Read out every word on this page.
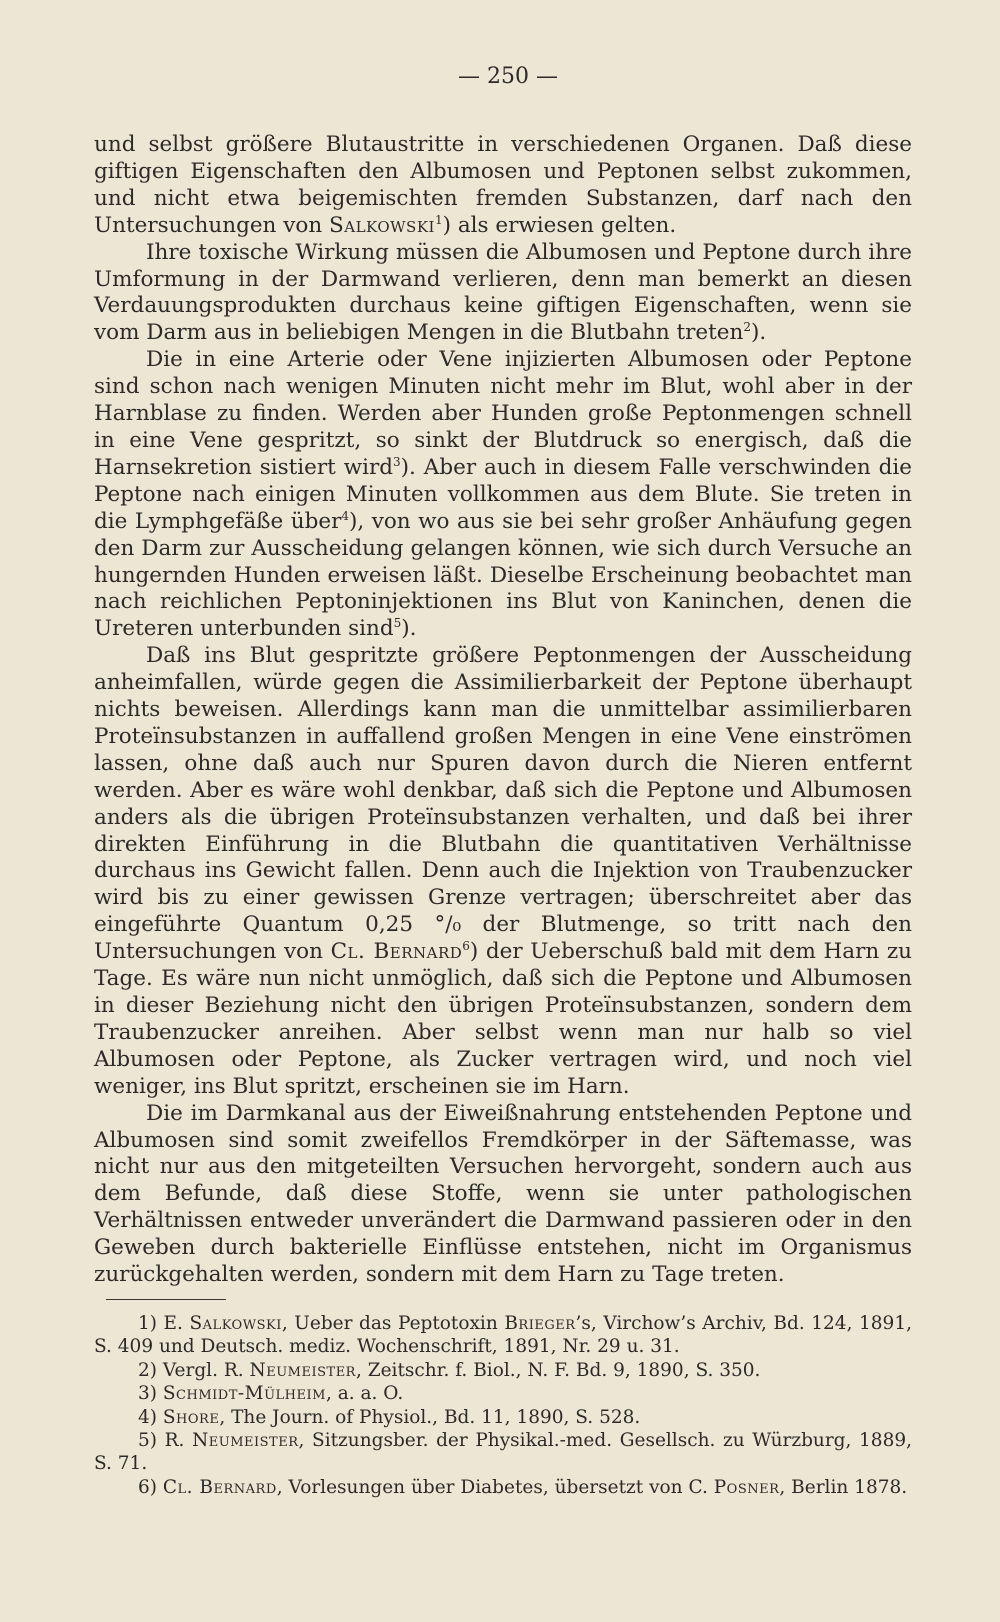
— 250 —

und selbst größere Blutaustritte in verschiedenen Organen. Daß diese giftigen Eigenschaften den Albumosen und Peptonen selbst zukommen, und nicht etwa beigemischten fremden Substanzen, darf nach den Untersuchungen von Salkowski$^1$) als erwiesen gelten.

Ihre toxische Wirkung müssen die Albumosen und Peptone durch ihre Umformung in der Darmwand verlieren, denn man bemerkt an diesen Verdauungsprodukten durchaus keine giftigen Eigenschaften, wenn sie vom Darm aus in beliebigen Mengen in die Blutbahn treten$^2$).

Die in eine Arterie oder Vene injizierten Albumosen oder Peptone sind schon nach wenigen Minuten nicht mehr im Blut, wohl aber in der Harnblase zu finden. Werden aber Hunden große Peptonmengen schnell in eine Vene gespritzt, so sinkt der Blutdruck so energisch, daß die Harnsekretion sistiert wird$^3$). Aber auch in diesem Falle verschwinden die Peptone nach einigen Minuten vollkommen aus dem Blute. Sie treten in die Lymphgefäße über$^4$), von wo aus sie bei sehr großer Anhäufung gegen den Darm zur Ausscheidung gelangen können, wie sich durch Versuche an hungernden Hunden erweisen läßt. Dieselbe Erscheinung beobachtet man nach reichlichen Peptoninjektionen ins Blut von Kaninchen, denen die Ureteren unterbunden sind$^5$).

Daß ins Blut gespritzte größere Peptonmengen der Ausscheidung anheimfallen, würde gegen die Assimilierbarkeit der Peptone überhaupt nichts beweisen. Allerdings kann man die unmittelbar assimilierbaren Proteïnsubstanzen in auffallend großen Mengen in eine Vene einströmen lassen, ohne daß auch nur Spuren davon durch die Nieren entfernt werden. Aber es wäre wohl denkbar, daß sich die Peptone und Albumosen anders als die übrigen Proteïnsubstanzen verhalten, und daß bei ihrer direkten Einführung in die Blutbahn die quantitativen Verhältnisse durchaus ins Gewicht fallen. Denn auch die Injektion von Traubenzucker wird bis zu einer gewissen Grenze vertragen; überschreitet aber das eingeführte Quantum 0,25 °/₀ der Blutmenge, so tritt nach den Untersuchungen von Cl. Bernard$^6$) der Ueberschuß bald mit dem Harn zu Tage. Es wäre nun nicht unmöglich, daß sich die Peptone und Albumosen in dieser Beziehung nicht den übrigen Proteïnsubstanzen, sondern dem Traubenzucker anreihen. Aber selbst wenn man nur halb so viel Albumosen oder Peptone, als Zucker vertragen wird, und noch viel weniger, ins Blut spritzt, erscheinen sie im Harn.

Die im Darmkanal aus der Eiweißnahrung entstehenden Peptone und Albumosen sind somit zweifellos Fremdkörper in der Säftemasse, was nicht nur aus den mitgeteilten Versuchen hervorgeht, sondern auch aus dem Befunde, daß diese Stoffe, wenn sie unter pathologischen Verhältnissen entweder unverändert die Darmwand passieren oder in den Geweben durch bakterielle Einflüsse entstehen, nicht im Organismus zurückgehalten werden, sondern mit dem Harn zu Tage treten.

1) E. Salkowski, Ueber das Peptotoxin Brieger’s, Virchow’s Archiv, Bd. 124, 1891, S. 409 und Deutsch. mediz. Wochenschrift, 1891, Nr. 29 u. 31.

2) Vergl. R. Neumeister, Zeitschr. f. Biol., N. F. Bd. 9, 1890, S. 350.

3) Schmidt-Mülheim, a. a. O.

4) Shore, The Journ. of Physiol., Bd. 11, 1890, S. 528.

5) R. Neumeister, Sitzungsber. der Physikal.-med. Gesellsch. zu Würzburg, 1889, S. 71.

6) Cl. Bernard, Vorlesungen über Diabetes, übersetzt von C. Posner, Berlin 1878.
